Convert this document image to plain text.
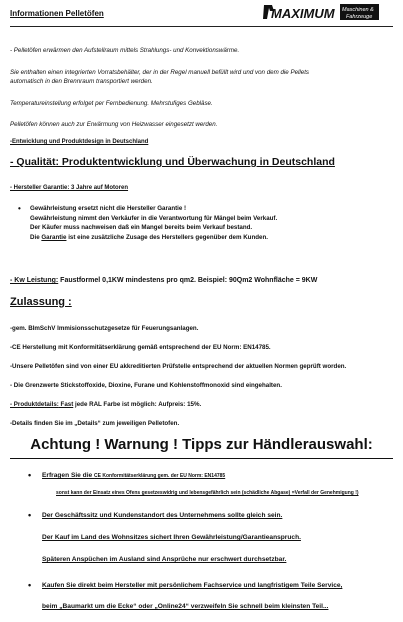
Informationen Pelletöfen	MAXIMUM Maschinen &
Fahrzeuge
- Pelletöfen erwärmen den Aufstellraum mittels Strahlungs- und Konvektionswärme.
Sie enthalten einen integrierten Vorratsbehälter, der in der Regel manuell befüllt wird und von dem die Pellets
automatisch in den Brennraum transportiert werden.
Temperatureinstellung erfolget per Fernbedienung. Mehrstufiges Gebläse.
Pelletöfen können auch zur Erwärmung von Heizwasser eingesetzt werden.
-Entwicklung und Produktdesign in Deutschland
- Qualität: Produktentwicklung und Überwachung in Deutschland
- Hersteller Garantie: 3 Jahre auf Motoren
• Gewährleistung ersetzt nicht die Hersteller Garantie !
Gewährleistung nimmt den Verkäufer in die Verantwortung für Mängel beim Verkauf.
Der Käufer muss nachweisen daß ein Mangel bereits beim Verkauf bestand.
Die Garantie ist eine zusätzliche Zusage des Herstellers gegenüber dem Kunden.
- Kw Leistung: Faustformel 0,1KW mindestens pro qm2. Beispiel: 90Qm2 Wohnfläche = 9KW
Zulassung :
-gem. BImSchV Immisionsschutzgesetze für Feuerungsanlagen.
-CE Herstellung mit Konformitätserklärung gemäß entsprechend der EU Norm: EN14785.
-Unsere Pelletöfen sind von einer EU akkreditierten Prüfstelle entsprechend der aktuellen Normen geprüft worden.
- Die Grenzwerte Stickstoffoxide, Dioxine, Furane und Kohlenstoffmonoxid sind eingehalten.
- Produktdetails: Fast jede RAL Farbe ist möglich: Aufpreis: 15%.
-Details finden Sie im „Details“ zum jeweiligen Pelletofen.
Achtung ! Warnung ! Tipps zur Händlerauswahl:
• Erfragen Sie die CE Konformitätserklärung gem. der EU Norm: EN14785
sonst kann der Einsatz eines Ofens gesetzeswidrig und lebensgefährlich sein (schädliche Abgase) =Verfall der Genehmigung !)
• Der Geschäftssitz und Kundenstandort des Unternehmens sollte gleich sein.
Der Kauf im Land des Wohnsitzes sichert Ihren Gewährleistung/Garantieanspruch.
Späteren Anspüchen im Ausland sind Ansprüche nur erschwert durchsetzbar.
• Kaufen Sie direkt beim Hersteller mit persönlichem Fachservice und langfristigem Teile Service,
beim „Baumarkt um die Ecke“ oder „Online24“ verzweifeln Sie schnell beim kleinsten Teil...
